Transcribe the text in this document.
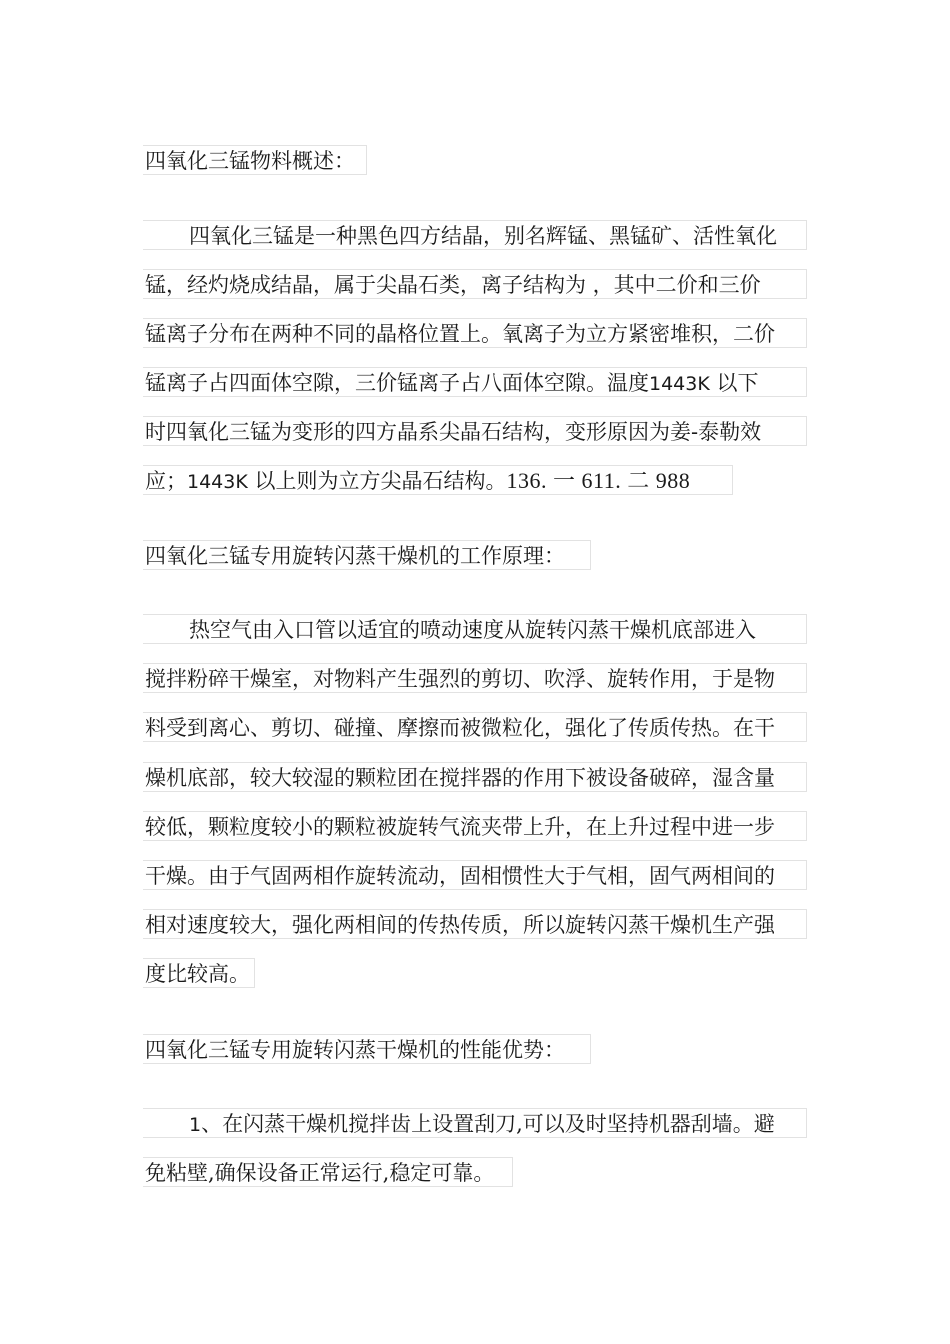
四氧化三锰物料概述：
四氧化三锰是一种黑色四方结晶，别名辉锰、黑锰矿、活性氧化
锰，经灼烧成结晶，属于尖晶石类，离子结构为 ，其中二价和三价
锰离子分布在两种不同的晶格位置上。氧离子为立方紧密堆积，二价
锰离子占四面体空隙，三价锰离子占八面体空隙。温度1443K 以下
时四氧化三锰为变形的四方晶系尖晶石结构，变形原因为姜-泰勒效
应；1443K 以上则为立方尖晶石结构。136. 一 611. 二 988
四氧化三锰专用旋转闪蒸干燥机的工作原理：
热空气由入口管以适宜的喷动速度从旋转闪蒸干燥机底部进入
搅拌粉碎干燥室，对物料产生强烈的剪切、吹浮、旋转作用，于是物
料受到离心、剪切、碰撞、摩擦而被微粒化，强化了传质传热。在干
燥机底部，较大较湿的颗粒团在搅拌器的作用下被设备破碎，湿含量
较低，颗粒度较小的颗粒被旋转气流夹带上升，在上升过程中进一步
干燥。由于气固两相作旋转流动，固相惯性大于气相，固气两相间的
相对速度较大，强化两相间的传热传质，所以旋转闪蒸干燥机生产强
度比较高。
四氧化三锰专用旋转闪蒸干燥机的性能优势：
1、在闪蒸干燥机搅拌齿上设置刮刀,可以及时坚持机器刮墙。避
免粘壁,确保设备正常运行,稳定可靠。
